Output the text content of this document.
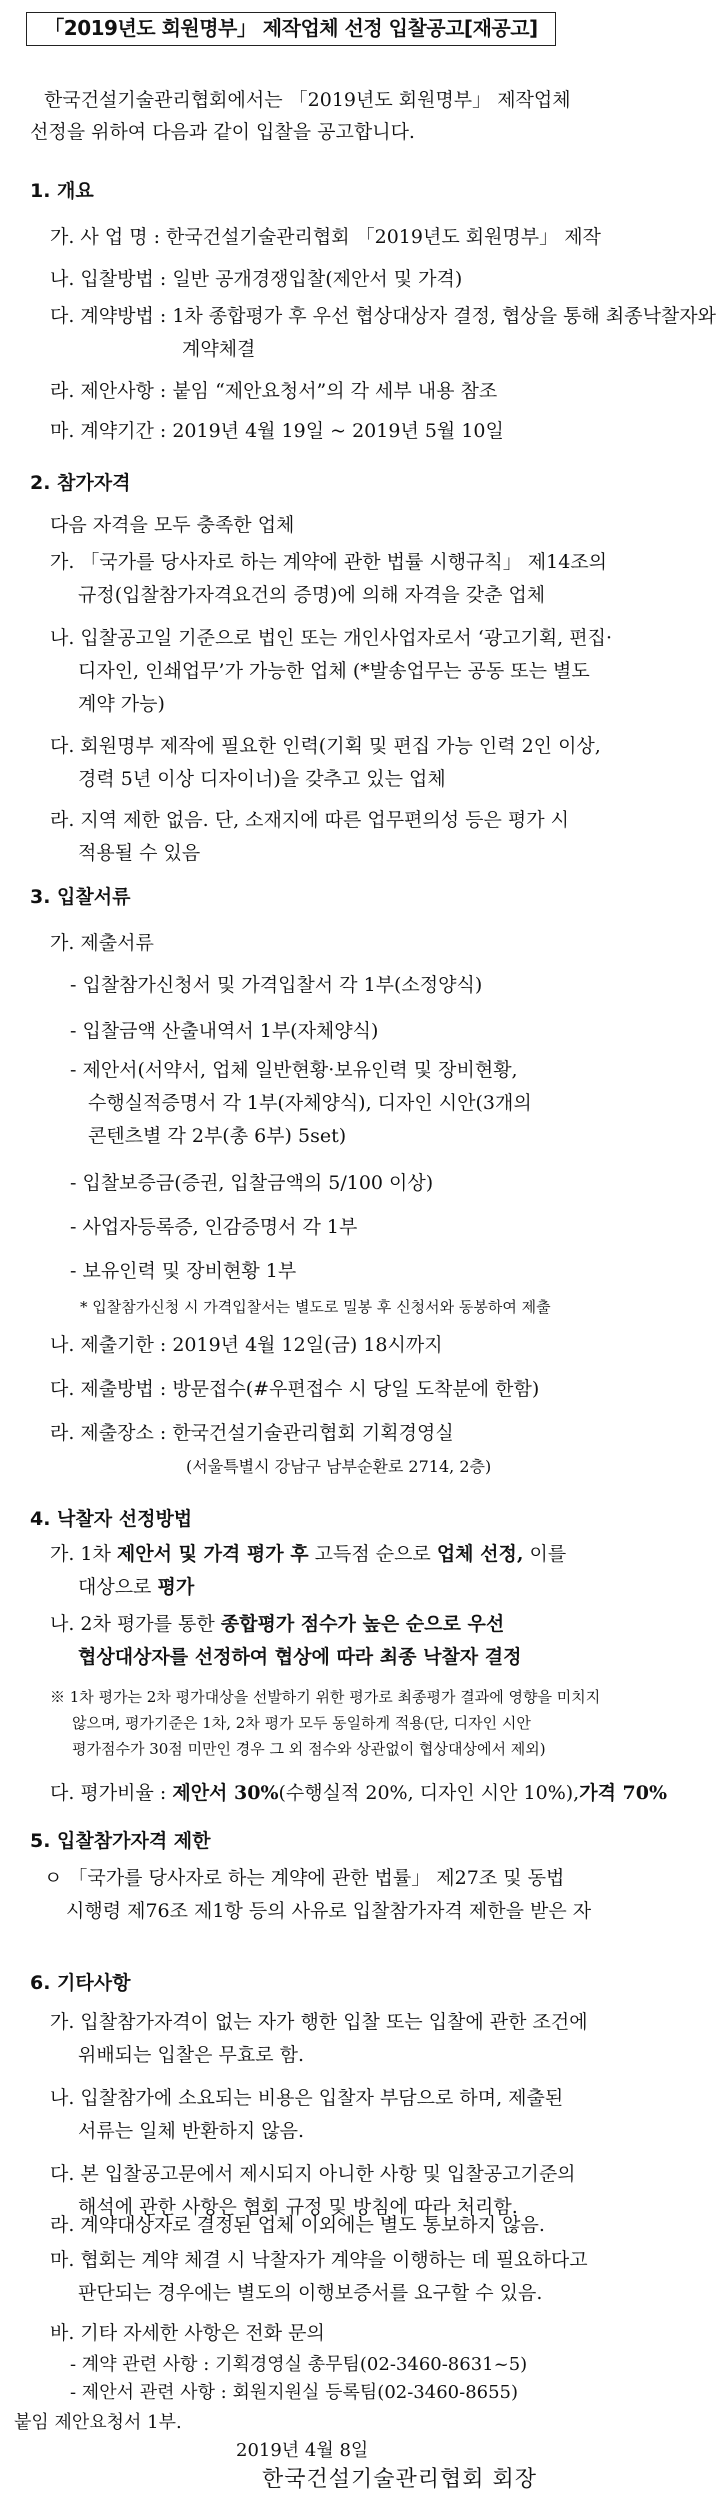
「2019년도 회원명부」 제작업체 선정 입찰공고[재공고]
한국건설기술관리협회에서는 「2019년도 회원명부」 제작업체 선정을 위하여 다음과 같이 입찰을 공고합니다.
1. 개요
가. 사 업 명 : 한국건설기술관리협회 「2019년도 회원명부」 제작
나. 입찰방법 : 일반 공개경쟁입찰(제안서 및 가격)
다. 계약방법 : 1차 종합평가 후 우선 협상대상자 결정, 협상을 통해 최종낙찰자와 계약체결
라. 제안사항 : 붙임 “제안요청서”의 각 세부 내용 참조
마. 계약기간 : 2019년 4월 19일 ~ 2019년 5월 10일
2. 참가자격
다음 자격을 모두 충족한 업체
가. 「국가를 당사자로 하는 계약에 관한 법률 시행규칙」 제14조의 규정(입찰참가자격요건의 증명)에 의해 자격을 갖춘 업체
나. 입찰공고일 기준으로 법인 또는 개인사업자로서 ‘광고기획, 편집·디자인, 인쇄업무’가 가능한 업체 (*발송업무는 공동 또는 별도 계약 가능)
다. 회원명부 제작에 필요한 인력(기획 및 편집 가능 인력 2인 이상, 경력 5년 이상 디자이너)을 갖추고 있는 업체
라. 지역 제한 없음. 단, 소재지에 따른 업무편의성 등은 평가 시 적용될 수 있음
3. 입찰서류
가. 제출서류
- 입찰참가신청서 및 가격입찰서 각 1부(소정양식)
- 입찰금액 산출내역서 1부(자체양식)
- 제안서(서약서, 업체 일반현황·보유인력 및 장비현황, 수행실적증명서 각 1부(자체양식), 디자인 시안(3개의 콘텐츠별 각 2부(총 6부) 5set)
- 입찰보증금(증권, 입찰금액의 5/100 이상)
- 사업자등록증, 인감증명서 각 1부
- 보유인력 및 장비현황 1부
* 입찰참가신청 시 가격입찰서는 별도로 밀봉 후 신청서와 동봉하여 제출
나. 제출기한 : 2019년 4월 12일(금) 18시까지
다. 제출방법 : 방문접수(#우편접수 시 당일 도착분에 한함)
라. 제출장소 : 한국건설기술관리협회 기획경영실
(서울특별시 강남구 남부순환로 2714, 2층)
4. 낙찰자 선정방법
가. 1차 제안서 및 가격 평가 후 고득점 순으로 업체 선정, 이를 대상으로 평가
나. 2차 평가를 통한 종합평가 점수가 높은 순으로 우선 협상대상자를 선정하여 협상에 따라 최종 낙찰자 결정
※ 1차 평가는 2차 평가대상을 선발하기 위한 평가로 최종평가 결과에 영향을 미치지 않으며, 평가기준은 1차, 2차 평가 모두 동일하게 적용(단, 디자인 시안 평가점수가 30점 미만인 경우 그 외 점수와 상관없이 협상대상에서 제외)
다. 평가비율 : 제안서 30%(수행실적 20%, 디자인 시안 10%),가격 70%
5. 입찰참가자격 제한
ㅇ 「국가를 당사자로 하는 계약에 관한 법률」 제27조 및 동법 시행령 제76조 제1항 등의 사유로 입찰참가자격 제한을 받은 자
6. 기타사항
가. 입찰참가자격이 없는 자가 행한 입찰 또는 입찰에 관한 조건에 위배되는 입찰은 무효로 함.
나. 입찰참가에 소요되는 비용은 입찰자 부담으로 하며, 제출된 서류는 일체 반환하지 않음.
다. 본 입찰공고문에서 제시되지 아니한 사항 및 입찰공고기준의 해석에 관한 사항은 협회 규정 및 방침에 따라 처리함.
라. 계약대상자로 결정된 업체 이외에는 별도 통보하지 않음.
마. 협회는 계약 체결 시 낙찰자가 계약을 이행하는 데 필요하다고 판단되는 경우에는 별도의 이행보증서를 요구할 수 있음.
바. 기타 자세한 사항은 전화 문의
- 계약 관련 사항 : 기획경영실 총무팀(02-3460-8631~5)
- 제안서 관련 사항 : 회원지원실 등록팀(02-3460-8655)
붙임 제안요청서 1부.
2019년 4월 8일
한국건설기술관리협회 회장
